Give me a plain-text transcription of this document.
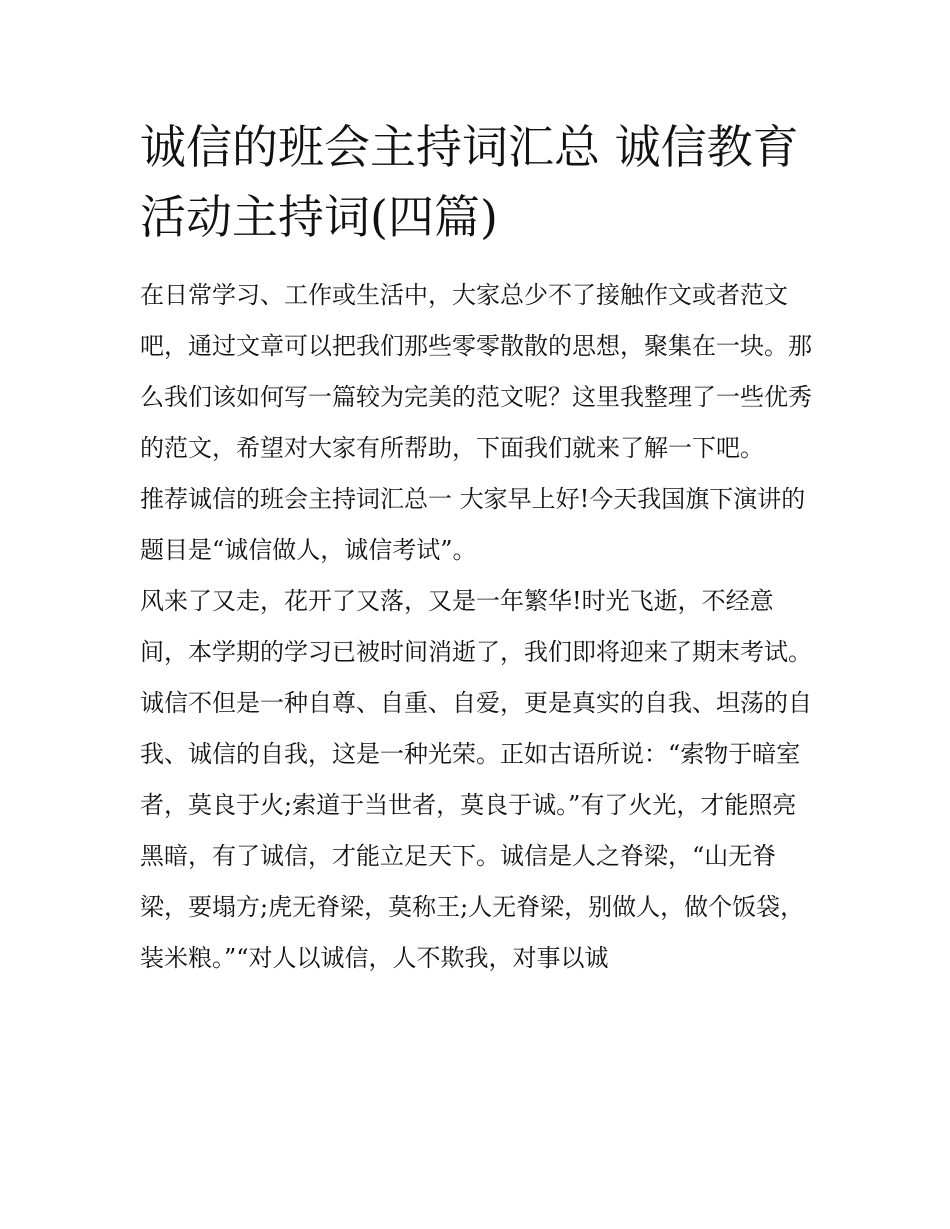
诚信的班会主持词汇总 诚信教育活动主持词(四篇)

在日常学习、工作或生活中，大家总少不了接触作文或者范文吧，通过文章可以把我们那些零零散散的思想，聚集在一块。那么我们该如何写一篇较为完美的范文呢？这里我整理了一些优秀的范文，希望对大家有所帮助，下面我们就来了解一下吧。

推荐诚信的班会主持词汇总一 大家早上好!今天我国旗下演讲的题目是“诚信做人，诚信考试”。

风来了又走，花开了又落，又是一年繁华!时光飞逝，不经意间，本学期的学习已被时间消逝了，我们即将迎来了期末考试。

诚信不但是一种自尊、自重、自爱，更是真实的自我、坦荡的自我、诚信的自我，这是一种光荣。正如古语所说：“索物于暗室者，莫良于火;索道于当世者，莫良于诚。”有了火光，才能照亮黑暗，有了诚信，才能立足天下。诚信是人之脊梁，“山无脊梁，要塌方;虎无脊梁，莫称王;人无脊梁，别做人，做个饭袋，装米粮。”“对人以诚信，人不欺我，对事以诚
